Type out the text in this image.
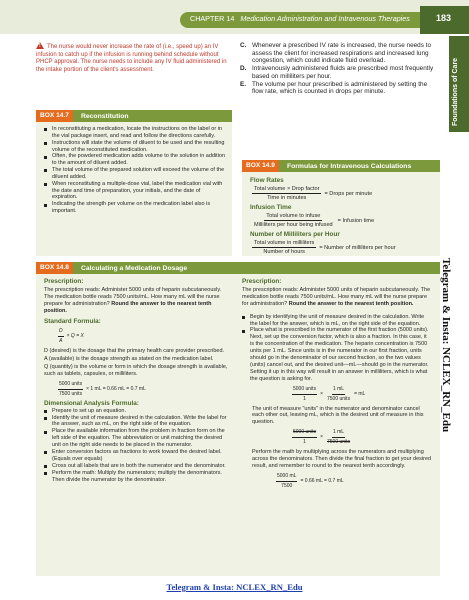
CHAPTER 14 Medication Administration and Intravenous Therapies	183
Foundations of Care
!The nurse would never increase the rate of (i.e., speed up) an IV infusion to catch up if the infusion is running behind schedule without PHCP approval. The nurse needs to include any IV fluid administered in the intake portion of the client's assessment.
BOX 14.7	Reconstitution
In reconstituting a medication, locate the instructions on the label or in the vial package insert, and read and follow the directions carefully.
Instructions will state the volume of diluent to be used and the resulting volume of the reconstituted medication.
Often, the powdered medication adds volume to the solution in addition to the amount of diluent added.
The total volume of the prepared solution will exceed the volume of the diluent added.
When reconstituting a multiple-dose vial, label the medication vial with the date and time of preparation, your initials, and the date of expiration.
Indicating the strength per volume on the medication label also is important.
C. Whenever a prescribed IV rate is increased, the nurse needs to assess the client for increased respirations and increased lung congestion, which could indicate fluid overload.
D. Intravenously administered fluids are prescribed most frequently based on milliliters per hour.
E. The volume per hour prescribed is administered by setting the flow rate, which is counted in drops per minute.
BOX 14.9	Formulas for Intravenous Calculations
Flow Rates
$\frac{\text{Total volume × Drop factor}}{\text{Time in minutes}}$ = Drops per minute
Infusion Time
$\frac{\text{Total volume to infuse}}{\text{Milliliters per hour being infused}}$ = Infusion time
Number of Milliliters per Hour
$\frac{\text{Total volume in milliliters}}{\text{Number of hours}}$ = Number of milliliters per hour
BOX 14.8	Calculating a Medication Dosage
Prescription:

The prescription reads: Administer 5000 units of heparin subcutaneously. The medication bottle reads 7500 units/mL. How many mL will the nurse prepare for administration? Round the answer to the nearest tenth position.

Standard Formula:
$\frac{D}{A} \times Q = X$

D (desired) is the dosage that the primary health care provider prescribed.

A (available) is the dosage strength as stated on the medication label.

Q (quantity) is the volume or form in which the dosage strength is available, such as tablets, capsules, or milliliters.

$\frac{\text{5000 units}}{\text{7500 units}} \times 1$ mL = 0.66 mL = 0.7 mL
Dimensional Analysis Formula:
Prepare to set up an equation.
Identify the unit of measure desired in the calculation. Write the label for the answer, such as mL, on the right side of the equation.
Place the available information from the problem in fraction form on the left side of the equation. The abbreviation or unit matching the desired unit on the right side needs to be placed in the numerator.
Enter conversion factors as fractions to work toward the desired label. (Equals over equals)
Cross out all labels that are in both the numerator and the denominator.
Perform the math: Multiply the numerators; multiply the denominators. Then divide the numerator by the denominator.
Prescription:

The prescription reads: Administer 5000 units of heparin subcutaneously. The medication bottle reads 7500 units/mL. How many mL will the nurse prepare for administration? Round the answer to the nearest tenth position.

Begin by identifying the unit of measure desired in the calculation. Write the label for the answer, which is mL, on the right side of the equation.
Place what is prescribed in the numerator of the first fraction (5000 units). Next, set up the conversion factor, which is also a fraction. In this case, it is the concentration of the medication. The heparin concentration is 7500 units per 1 mL. Since units is in the numerator in our first fraction, units should go in the denominator of our second fraction, so the two values (units) cancel out, and the desired unit—mL—should go in the numerator. Setting it up in this way will result in an answer in milliliters, which is what the question is asking for.
$\frac{\text{5000 units}}{1} \times \frac{1 mL}{\text{7500 units}}$ = mL

The unit of measure "units" in the numerator and denominator cancel each other out, leaving mL, which is the desired unit of measure in this question.

$\frac{\text{5000 units}}{1} \times \frac{1 mL}{\text{7500 units}}$

Perform the math by multiplying across the numerators and multiplying across the denominators. Then divide the final fraction to get your desired result, and remember to round to the nearest tenth accordingly.

$\frac{5000 mL}{7500} = 0.66$ mL = 0.7 mL
Telegram & Insta: NCLEX_RN_Edu
Telegram & Insta: NCLEX_RN_Edu
